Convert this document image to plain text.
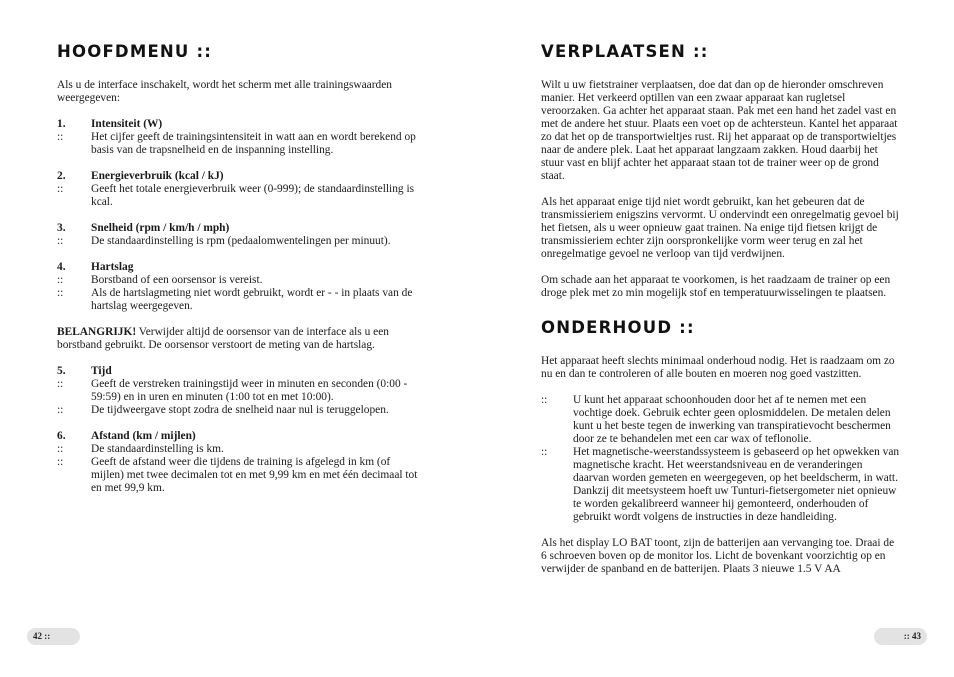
HOOFDMENU ::

Als u de interface inschakelt, wordt het scherm met alle trainingswaarden weergegeven:

1.	Intensiteit (W)
::	Het cijfer geeft de trainingsintensiteit in watt aan en wordt berekend op basis van de trapsnelheid en de inspanning instelling.
2.	Energieverbruik (kcal / kJ)
::	Geeft het totale energieverbruik weer (0-999); de standaardinstelling is kcal.
3.	Snelheid (rpm / km/h / mph)
::	De standaardinstelling is rpm (pedaalomwentelingen per minuut).
4.	Hartslag
::	Borstband of een oorsensor is vereist.
::	Als de hartslagmeting niet wordt gebruikt, wordt er - - in plaats van de hartslag weergegeven.

BELANGRIJK! Verwijder altijd de oorsensor van de interface als u een borstband gebruikt. De oorsensor verstoort de meting van de hartslag.

5.	Tijd
::	Geeft de verstreken trainingstijd weer in minuten en seconden (0:00 - 59:59) en in uren en minuten (1:00 tot en met 10:00).
::	De tijdweergave stopt zodra de snelheid naar nul is teruggelopen.
6.	Afstand (km / mijlen)
::	De standaardinstelling is km.
::	Geeft de afstand weer die tijdens de training is afgelegd in km (of mijlen) met twee decimalen tot en met 9,99 km en met één decimaal tot en met 99,9 km.
VERPLAATSEN ::

Wilt u uw fietstrainer verplaatsen, doe dat dan op de hieronder omschreven manier. Het verkeerd optillen van een zwaar apparaat kan rugletsel veroorzaken. Ga achter het apparaat staan. Pak met een hand het zadel vast en met de andere het stuur. Plaats een voet op de achtersteun. Kantel het apparaat zo dat het op de transportwieltjes rust. Rij het apparaat op de transportwieltjes naar de andere plek. Laat het apparaat langzaam zakken. Houd daarbij het stuur vast en blijf achter het apparaat staan tot de trainer weer op de grond staat.

Als het apparaat enige tijd niet wordt gebruikt, kan het gebeuren dat de transmissieriem enigszins vervormt. U ondervindt een onregelmatig gevoel bij het fietsen, als u weer opnieuw gaat trainen. Na enige tijd fietsen krijgt de transmissieriem echter zijn oorspronkelijke vorm weer terug en zal het onregelmatige gevoel ne verloop van tijd verdwijnen.

Om schade aan het apparaat te voorkomen, is het raadzaam de trainer op een droge plek met zo min mogelijk stof en temperatuurwisselingen te plaatsen.

ONDERHOUD ::

Het apparaat heeft slechts minimaal onderhoud nodig. Het is raadzaam om zo nu en dan te controleren of alle bouten en moeren nog goed vastzitten.

::	U kunt het apparaat schoonhouden door het af te nemen met een vochtige doek. Gebruik echter geen oplosmiddelen. De metalen delen kunt u het beste tegen de inwerking van transpiratievocht beschermen door ze te behandelen met een car wax of teflonolie.
::	Het magnetische-weerstandssysteem is gebaseerd op het opwekken van magnetische kracht. Het weerstandsniveau en de veranderingen daarvan worden gemeten en weergegeven, op het beeldscherm, in watt. Dankzij dit meetsysteem hoeft uw Tunturi-fietsergometer niet opnieuw te worden gekalibreerd wanneer hij gemonteerd, onderhouden of gebruikt wordt volgens de instructies in deze handleiding.

Als het display LO BAT toont, zijn de batterijen aan vervanging toe. Draai de 6 schroeven boven op de monitor los. Licht de bovenkant voorzichtig op en verwijder de spanband en de batterijen. Plaats 3 nieuwe 1.5 V AA

42 ::	:: 43
